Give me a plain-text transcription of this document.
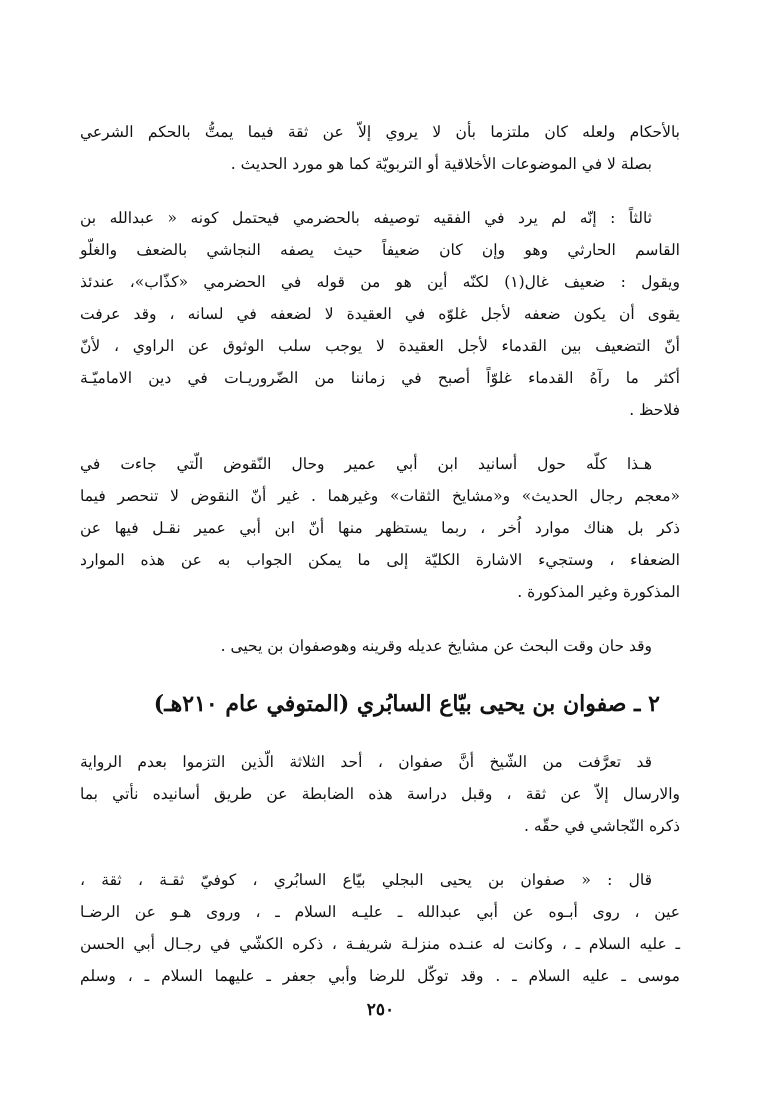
بالأحكام ولعله كان ملتزما بأن لا يروي إلاّ عن ثقة فيما يمتُّ بالحكم الشرعي
بصلة لا في الموضوعات الأخلاقية أو التربويّة كما هو مورد الحديث .
ثالثاً : إنّه لم يرد في الفقيه توصيفه بالحضرمي فيحتمل كونه « عبدالله بن
القاسم الحارثي وهو وإن كان ضعيفاً حيث يصفه النجاشي بالضعف والغلّو
ويقول : ضعيف غال(١) لكنّه أين هو من قوله في الحضرمي «كذّاب»، عندئذ
يقوى أن يكون ضعفه لأجل غلوّه في العقيدة لا لضعفه في لسانه ، وقد عرفت
أنّ التضعيف بين القدماء لأجل العقيدة لا يوجب سلب الوثوق عن الراوي ، لأنّ
أكثر ما رآهُ القدماء غلوّاً أصبح في زماننا من الضّروريـات في دين الاماميّـة
فلاحظ .
هـذا كلّه حول أسانيد ابن أبي عمير وحال النّقوض الّتي جاءت في
«معجم رجال الحديث» و«مشايخ الثقات» وغيرهما . غير أنّ النقوض لا تنحصر فيما
ذكر بل هناك موارد اُخر ، ربما يستظهر منها أنّ ابن أبي عمير نقـل فيها عن
الضعفاء ، وستجيء الاشارة الكليّة إلى ما يمكن الجواب به عن هذه الموارد
المذكورة وغير المذكورة .
وقد حان وقت البحث عن مشايخ عديله وقرينه وهوصفوان بن يحيى .
٢ ـ صفوان بن يحيى بيّاع السابُري (المتوفي عام ٢١٠هـ)
قد تعرَّفت من الشّيخ أنَّ صفوان ، أحد الثلاثة الّذين التزموا بعدم الرواية
والارسال إلاّ عن ثقة ، وقبل دراسة هذه الضابطة عن طريق أسانيده نأتي بما
ذكره النّجاشي في حقّه .
قال : « صفوان بن يحيى البجلي بيّاع السابُري ، كوفيّ ثقـة ، ثقة ،
عين ، روى أبـوه عن أبي عبدالله ـ عليـه السلام ـ ، وروى هـو عن الرضـا
ـ عليه السلام ـ ، وكانت له عنـده منزلـة شريفـة ، ذكره الكشّي في رجـال أبي الحسن
موسى ـ عليه السلام ـ . وقد توكّل للرضا وأبي جعفر ـ عليهما السلام ـ ، وسلم
٢٥٠
